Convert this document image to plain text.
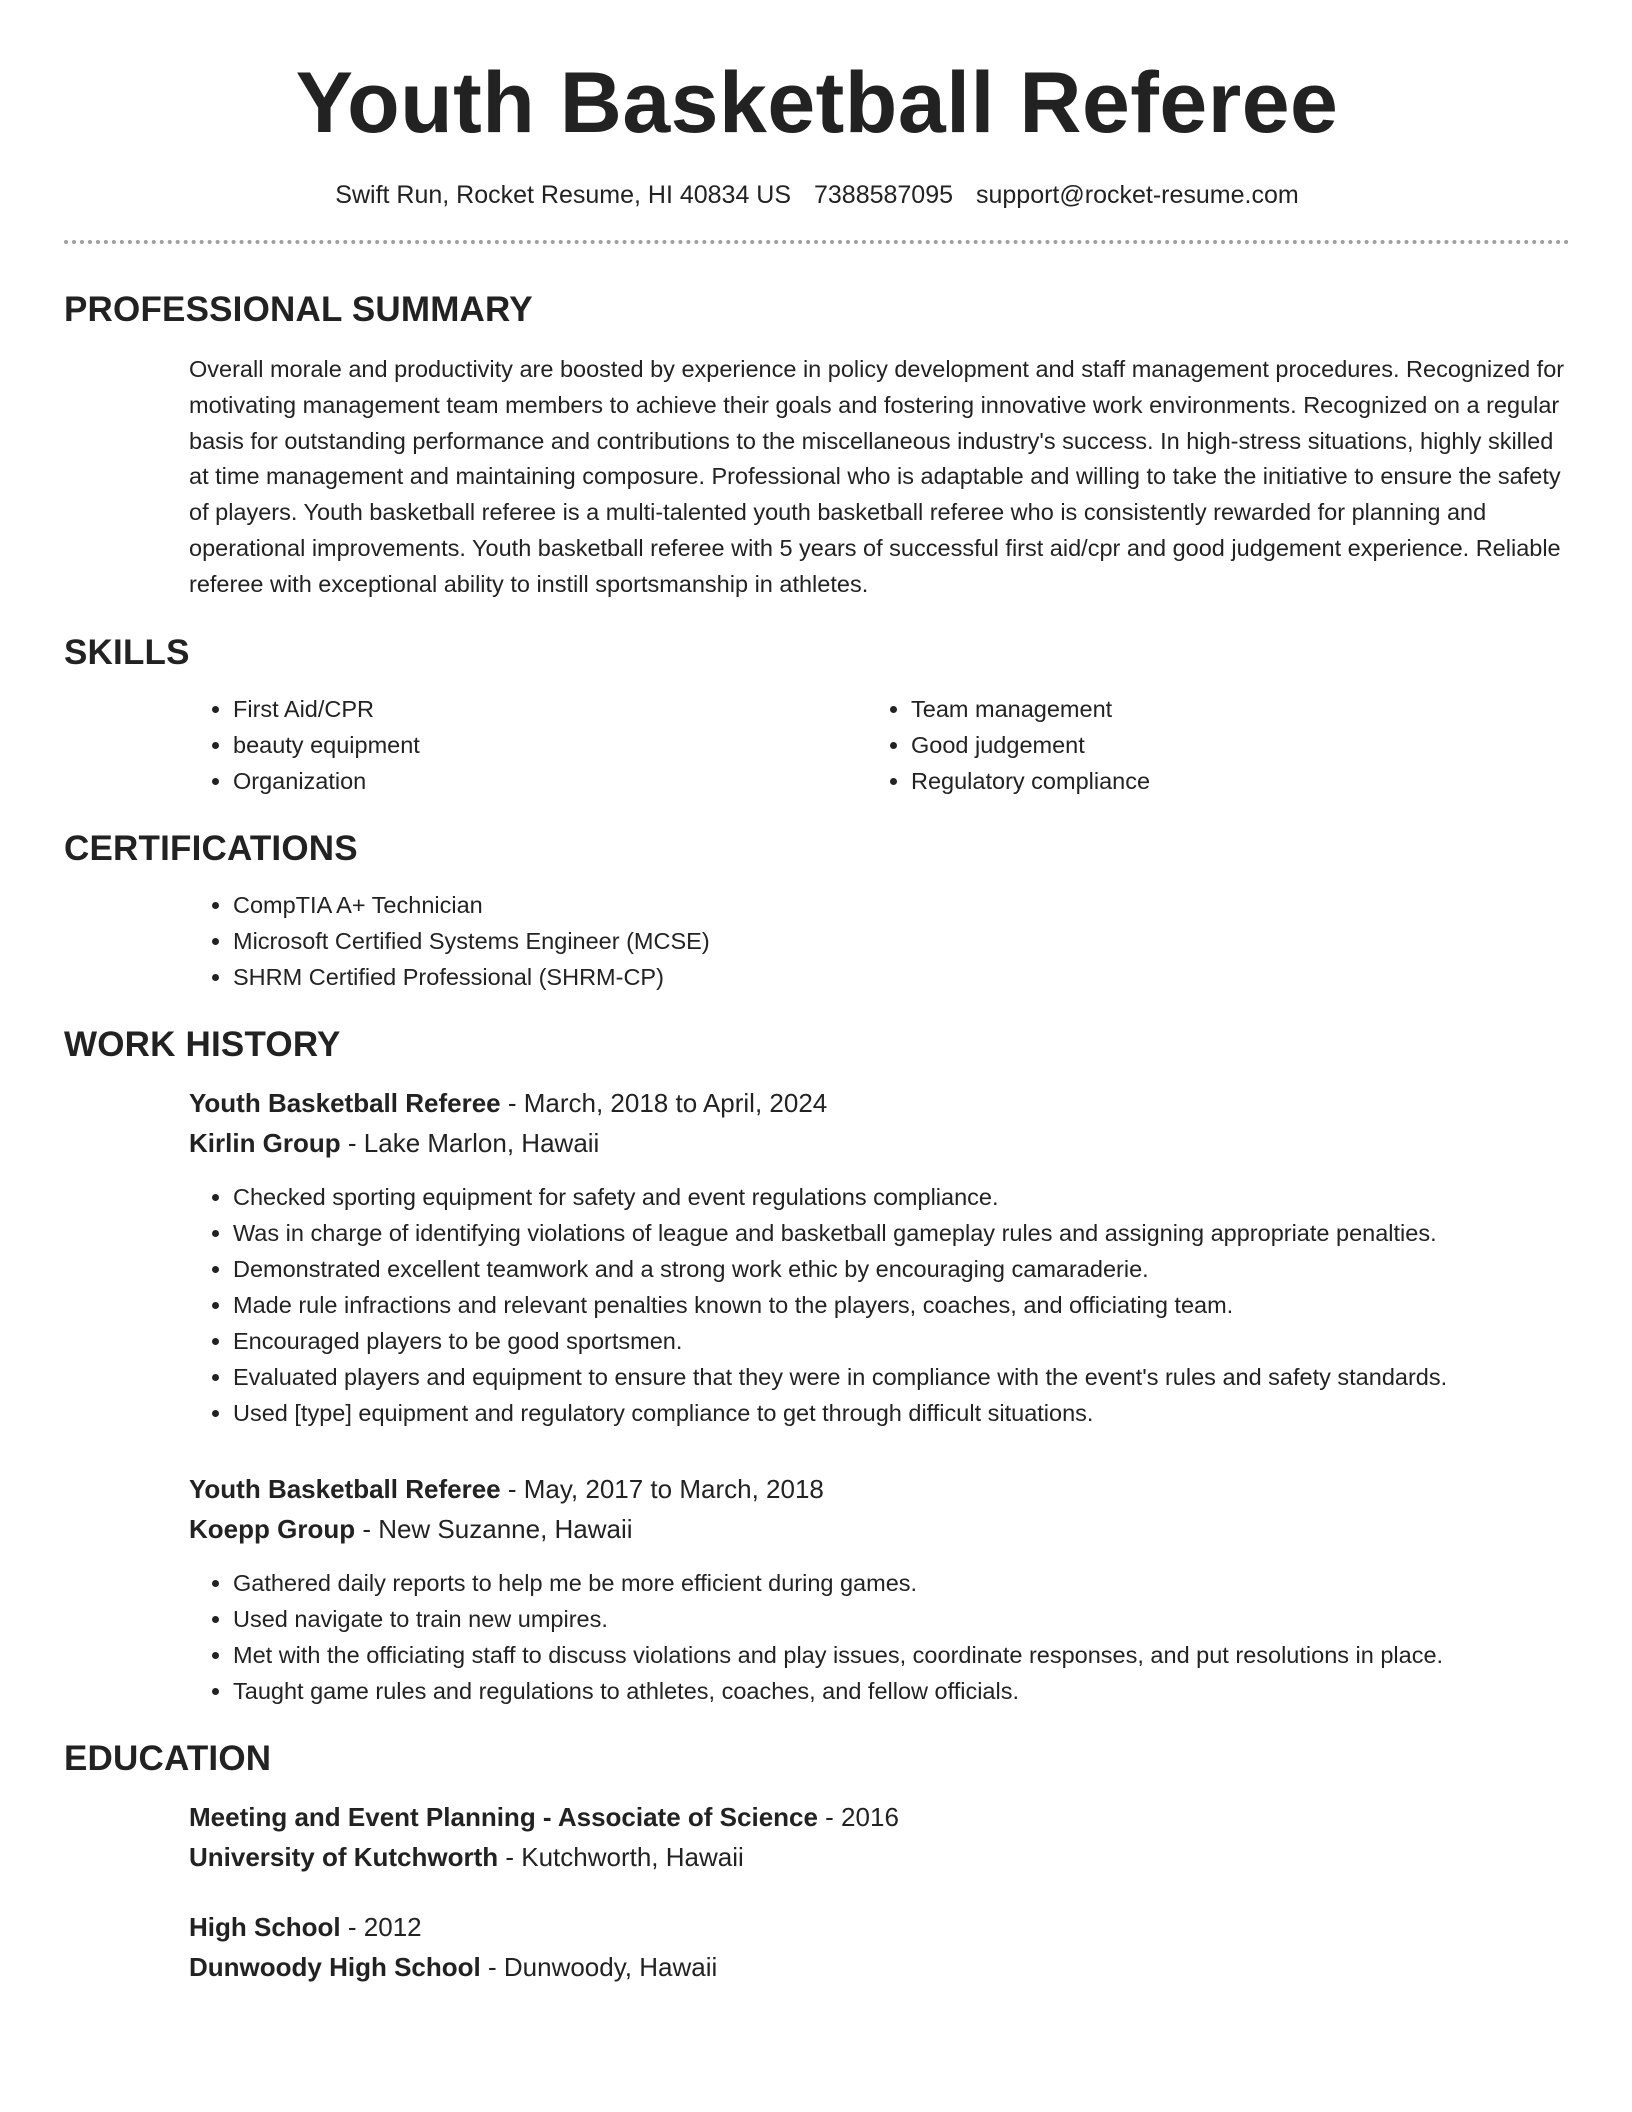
Youth Basketball Referee
Swift Run, Rocket Resume, HI 40834 US 7388587095 support@rocket-resume.com
PROFESSIONAL SUMMARY

Overall morale and productivity are boosted by experience in policy development and staff management procedures. Recognized for motivating management team members to achieve their goals and fostering innovative work environments. Recognized on a regular basis for outstanding performance and contributions to the miscellaneous industry's success. In high-stress situations, highly skilled at time management and maintaining composure. Professional who is adaptable and willing to take the initiative to ensure the safety of players. Youth basketball referee is a multi-talented youth basketball referee who is consistently rewarded for planning and operational improvements. Youth basketball referee with 5 years of successful first aid/cpr and good judgement experience. Reliable referee with exceptional ability to instill sportsmanship in athletes.

SKILLS
• First Aid/CPR
• beauty equipment
• Organization
• Team management
• Good judgement
• Regulatory compliance
CERTIFICATIONS
• CompTIA A+ Technician
• Microsoft Certified Systems Engineer (MCSE)
• SHRM Certified Professional (SHRM-CP)
WORK HISTORY
Youth Basketball Referee - March, 2018 to April, 2024
Kirlin Group - Lake Marlon, Hawaii
• Checked sporting equipment for safety and event regulations compliance.
• Was in charge of identifying violations of league and basketball gameplay rules and assigning appropriate penalties.
• Demonstrated excellent teamwork and a strong work ethic by encouraging camaraderie.
• Made rule infractions and relevant penalties known to the players, coaches, and officiating team.
• Encouraged players to be good sportsmen.
• Evaluated players and equipment to ensure that they were in compliance with the event's rules and safety standards.
• Used [type] equipment and regulatory compliance to get through difficult situations.
Youth Basketball Referee - May, 2017 to March, 2018
Koepp Group - New Suzanne, Hawaii
• Gathered daily reports to help me be more efficient during games.
• Used navigate to train new umpires.
• Met with the officiating staff to discuss violations and play issues, coordinate responses, and put resolutions in place.
• Taught game rules and regulations to athletes, coaches, and fellow officials.
EDUCATION
Meeting and Event Planning - Associate of Science - 2016
University of Kutchworth - Kutchworth, Hawaii
High School - 2012
Dunwoody High School - Dunwoody, Hawaii
